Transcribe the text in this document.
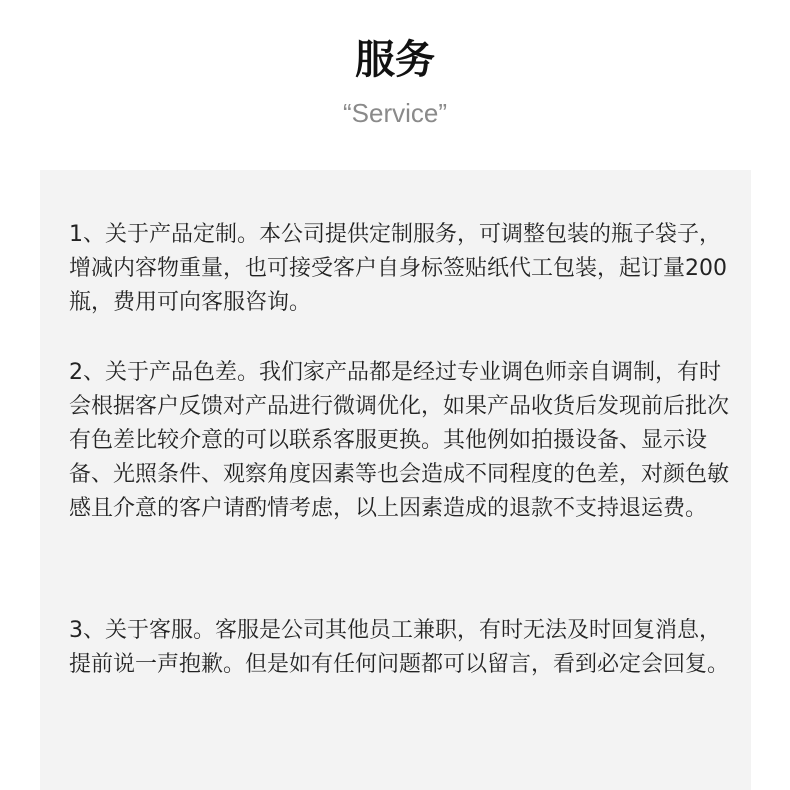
服务

“Service”

1、关于产品定制。本公司提供定制服务，可调整包装的瓶子袋子，增减内容物重量，也可接受客户自身标签贴纸代工包装，起订量200瓶，费用可向客服咨询。

2、关于产品色差。我们家产品都是经过专业调色师亲自调制，有时会根据客户反馈对产品进行微调优化，如果产品收货后发现前后批次有色差比较介意的可以联系客服更换。其他例如拍摄设备、显示设备、光照条件、观察角度因素等也会造成不同程度的色差，对颜色敏感且介意的客户请酌情考虑，以上因素造成的退款不支持退运费。

3、关于客服。客服是公司其他员工兼职，有时无法及时回复消息，提前说一声抱歉。但是如有任何问题都可以留言，看到必定会回复。
